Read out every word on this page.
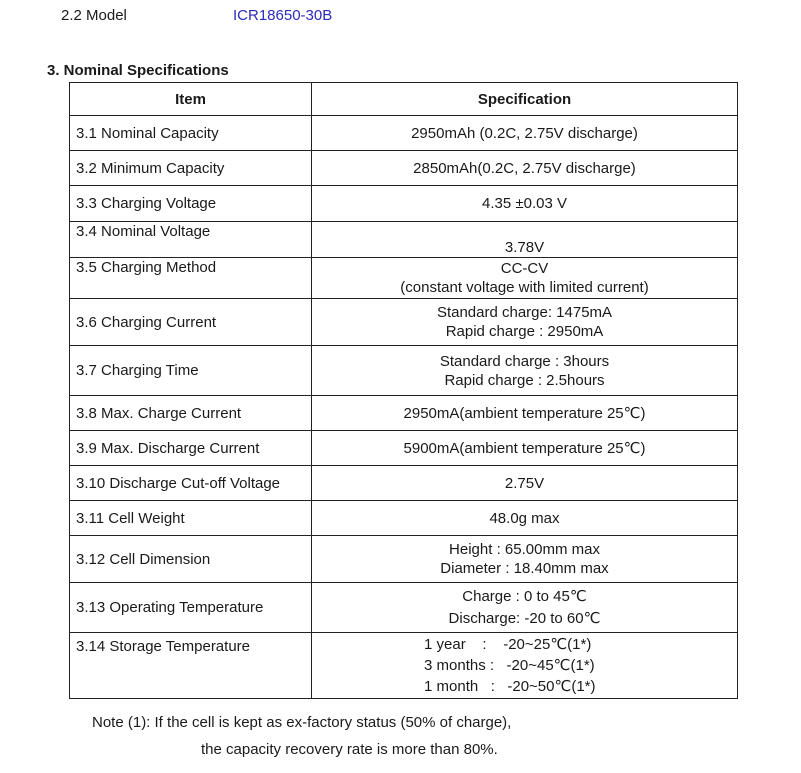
2.2 Model	ICR18650-30B
3. Nominal Specifications
Item	Specification
3.1 Nominal Capacity	2950mAh (0.2C, 2.75V discharge)

3.2 Minimum Capacity	2850mAh(0.2C, 2.75V discharge)

3.3 Charging Voltage	4.35 ±0.03 V

3.4 Nominal Voltage	3.78V

3.5 Charging Method	CC-CV
(constant voltage with limited current)

3.6 Charging Current	Standard charge: 1475mA
Rapid charge : 2950mA

3.7 Charging Time	Standard charge : 3hours
Rapid charge : 2.5hours

3.8 Max. Charge Current	2950mA(ambient temperature 25℃)

3.9 Max. Discharge Current	5900mA(ambient temperature 25℃)

3.10 Discharge Cut-off Voltage	2.75V

3.11 Cell Weight	48.0g max

3.12 Cell Dimension	Height : 65.00mm max
Diameter : 18.40mm max

3.13 Operating Temperature	Charge : 0 to 45℃
Discharge: -20 to 60℃

3.14 Storage Temperature	1 year    :    -20~25℃(1*)
3 months :   -20~45℃(1*)
1 month   :   -20~50℃(1*)
Note (1): If the cell is kept as ex-factory status (50% of charge),
the capacity recovery rate is more than 80%.
